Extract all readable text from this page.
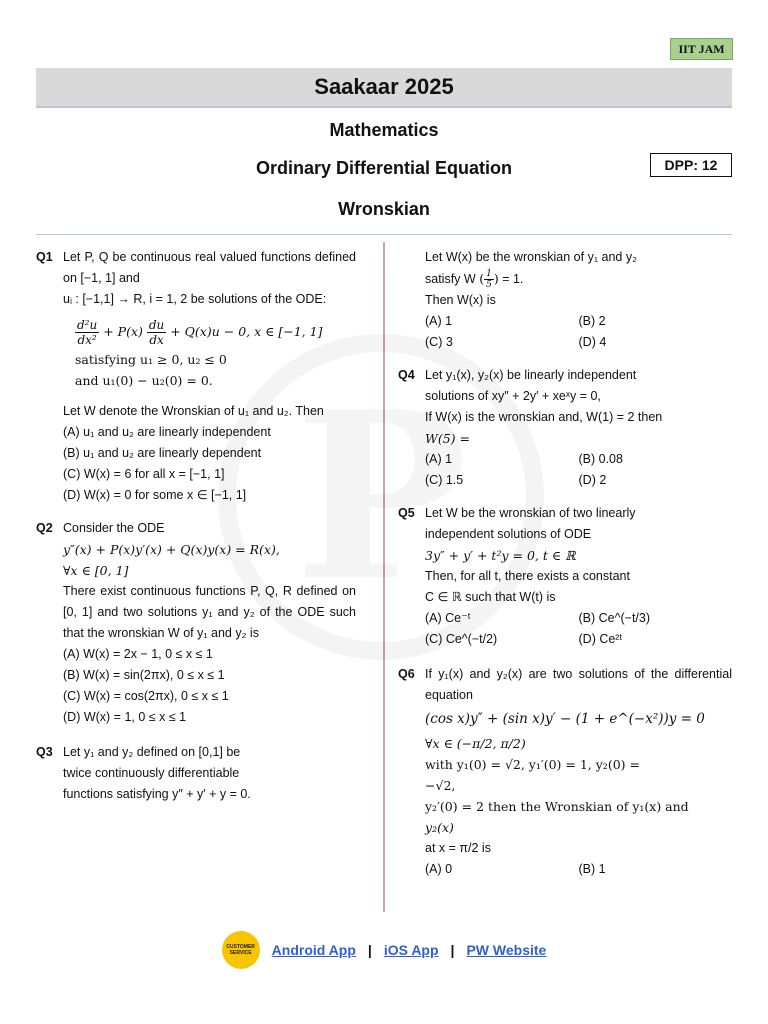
IIT JAM
Saakaar 2025
Mathematics
Ordinary Differential Equation	DPP: 12
Wronskian
Q1 Let P, Q be continuous real valued functions defined on [−1, 1] and
uᵢ : [−1,1] → R, i = 1, 2 be solutions of the ODE:
$\frac{\text{d²u}}{\text{dx²}} + P(x) \frac{du}{dx} + Q(x)u - 0$, x ∈ [−1, 1]
satisfying u₁ ≥ 0, u₂ ≤ 0
and u₁(0) − u₂(0) = 0.
Let W denote the Wronskian of u₁ and u₂. Then
(A) u₁ and u₂ are linearly independent
(B) u₁ and u₂ are linearly dependent
(C) W(x) = 6 for all x = [−1, 1]
(D) W(x) = 0 for some x ∈ [−1, 1]
Q2 Consider the ODE
y″(x) + P(x)y′(x) + Q(x)y(x) = R(x),
∀x ∈ [0, 1]
There exist continuous functions P, Q, R defined on [0, 1] and two solutions y₁ and y₂ of the ODE such that the wronskian W of y₁ and y₂ is
(A) W(x) = 2x − 1, 0 ≤ x ≤ 1
(B) W(x) = sin(2πx), 0 ≤ x ≤ 1
(C) W(x) = cos(2πx), 0 ≤ x ≤ 1
(D) W(x) = 1, 0 ≤ x ≤ 1
Q3 Let y₁ and y₂ defined on [0,1] be
twice continuously differentiable
functions satisfying y″ + y′ + y = 0.
Let W(x) be the wronskian of y₁ and y₂
satisfy W ( $\frac{1}{5}$ ) = 1.
Then W(x) is
(A) 1	(B) 2
(C) 3	(D) 4
Q4 Let y₁(x), y₂(x) be linearly independent
solutions of xy″ + 2y′ + xeˣy = 0,
If W(x) is the wronskian and, W(1) = 2 then
W(5) =
(A) 1	(B) 0.08
(C) 1.5	(D) 2
Q5 Let W be the wronskian of two linearly
independent solutions of ODE
3y″ + y′ + t²y = 0, t ∈ ℝ
Then, for all t, there exists a constant
C ∈ ℝ such that W(t) is
(A) Ce⁻ᵗ	(B) Ce^(−t/3)
(C) Ce^(−t/2)	(D) Ce²ᵗ
Q6 If y₁(x) and y₂(x) are two solutions of the differential equation
(cos x)y″ + (sin x)y′ − (1 + e^(−x²))y = 0
∀x ∈ (−π/2, π/2)
with y₁(0) = √2, y₁′(0) = 1, y₂(0) =
−√2,
y₂′(0) = 2 then the Wronskian of y₁(x) and
y₂(x)
at x = π/2 is
(A) 0	(B) 1
CUSTOMER SERVICE	Android App | iOS App | PW Website
